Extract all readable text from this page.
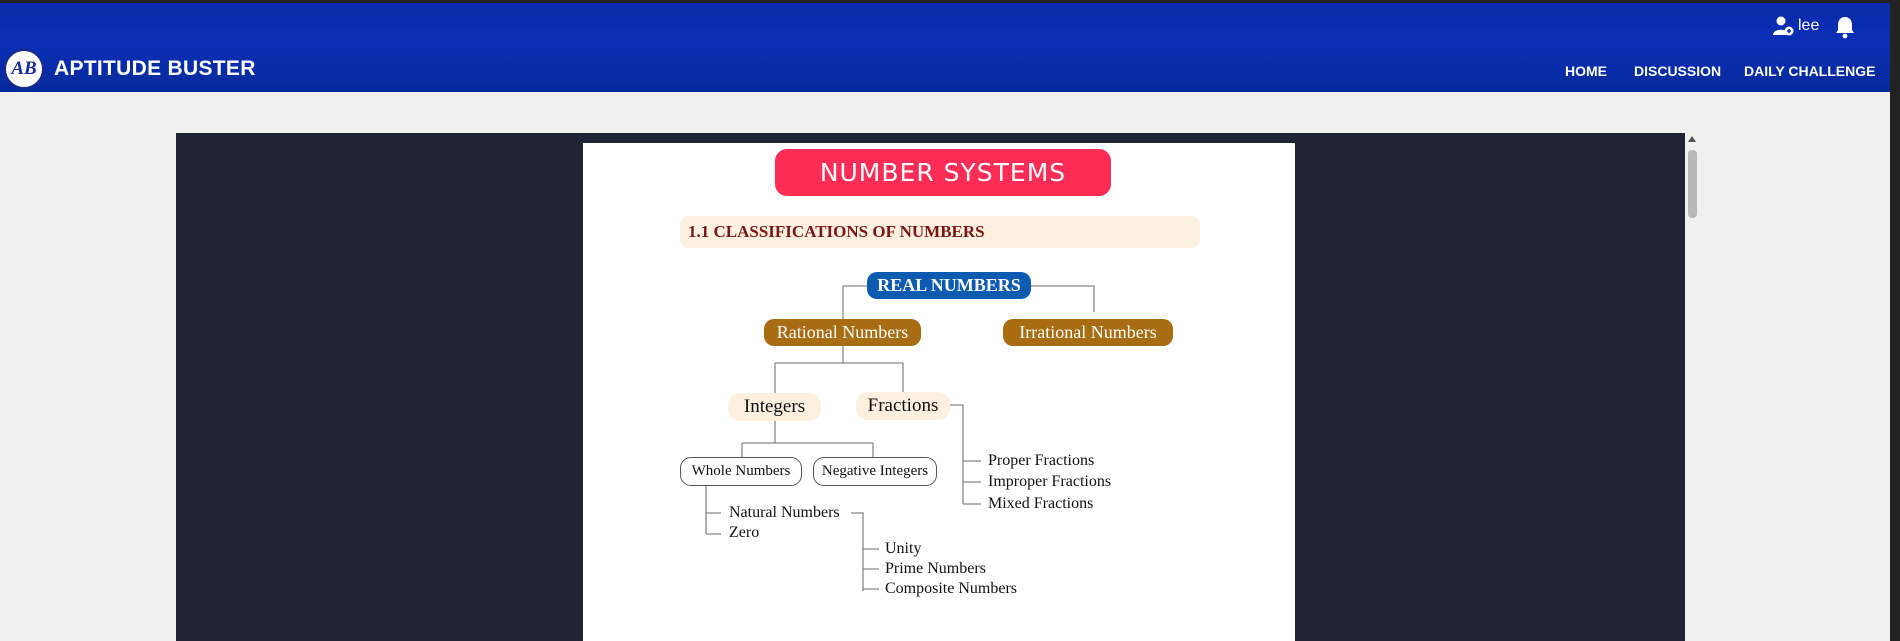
AB APTITUDE BUSTER
lee
HOME DISCUSSION DAILY CHALLENGE
NUMBER SYSTEMS
1.1 CLASSIFICATIONS OF NUMBERS
REAL NUMBERS
Rational Numbers	Irrational Numbers
Integers	Fractions
Whole Numbers	Negative Integers
Proper Fractions
Improper Fractions
Mixed Fractions
Natural Numbers
Zero
Unity
Prime Numbers
Composite Numbers
